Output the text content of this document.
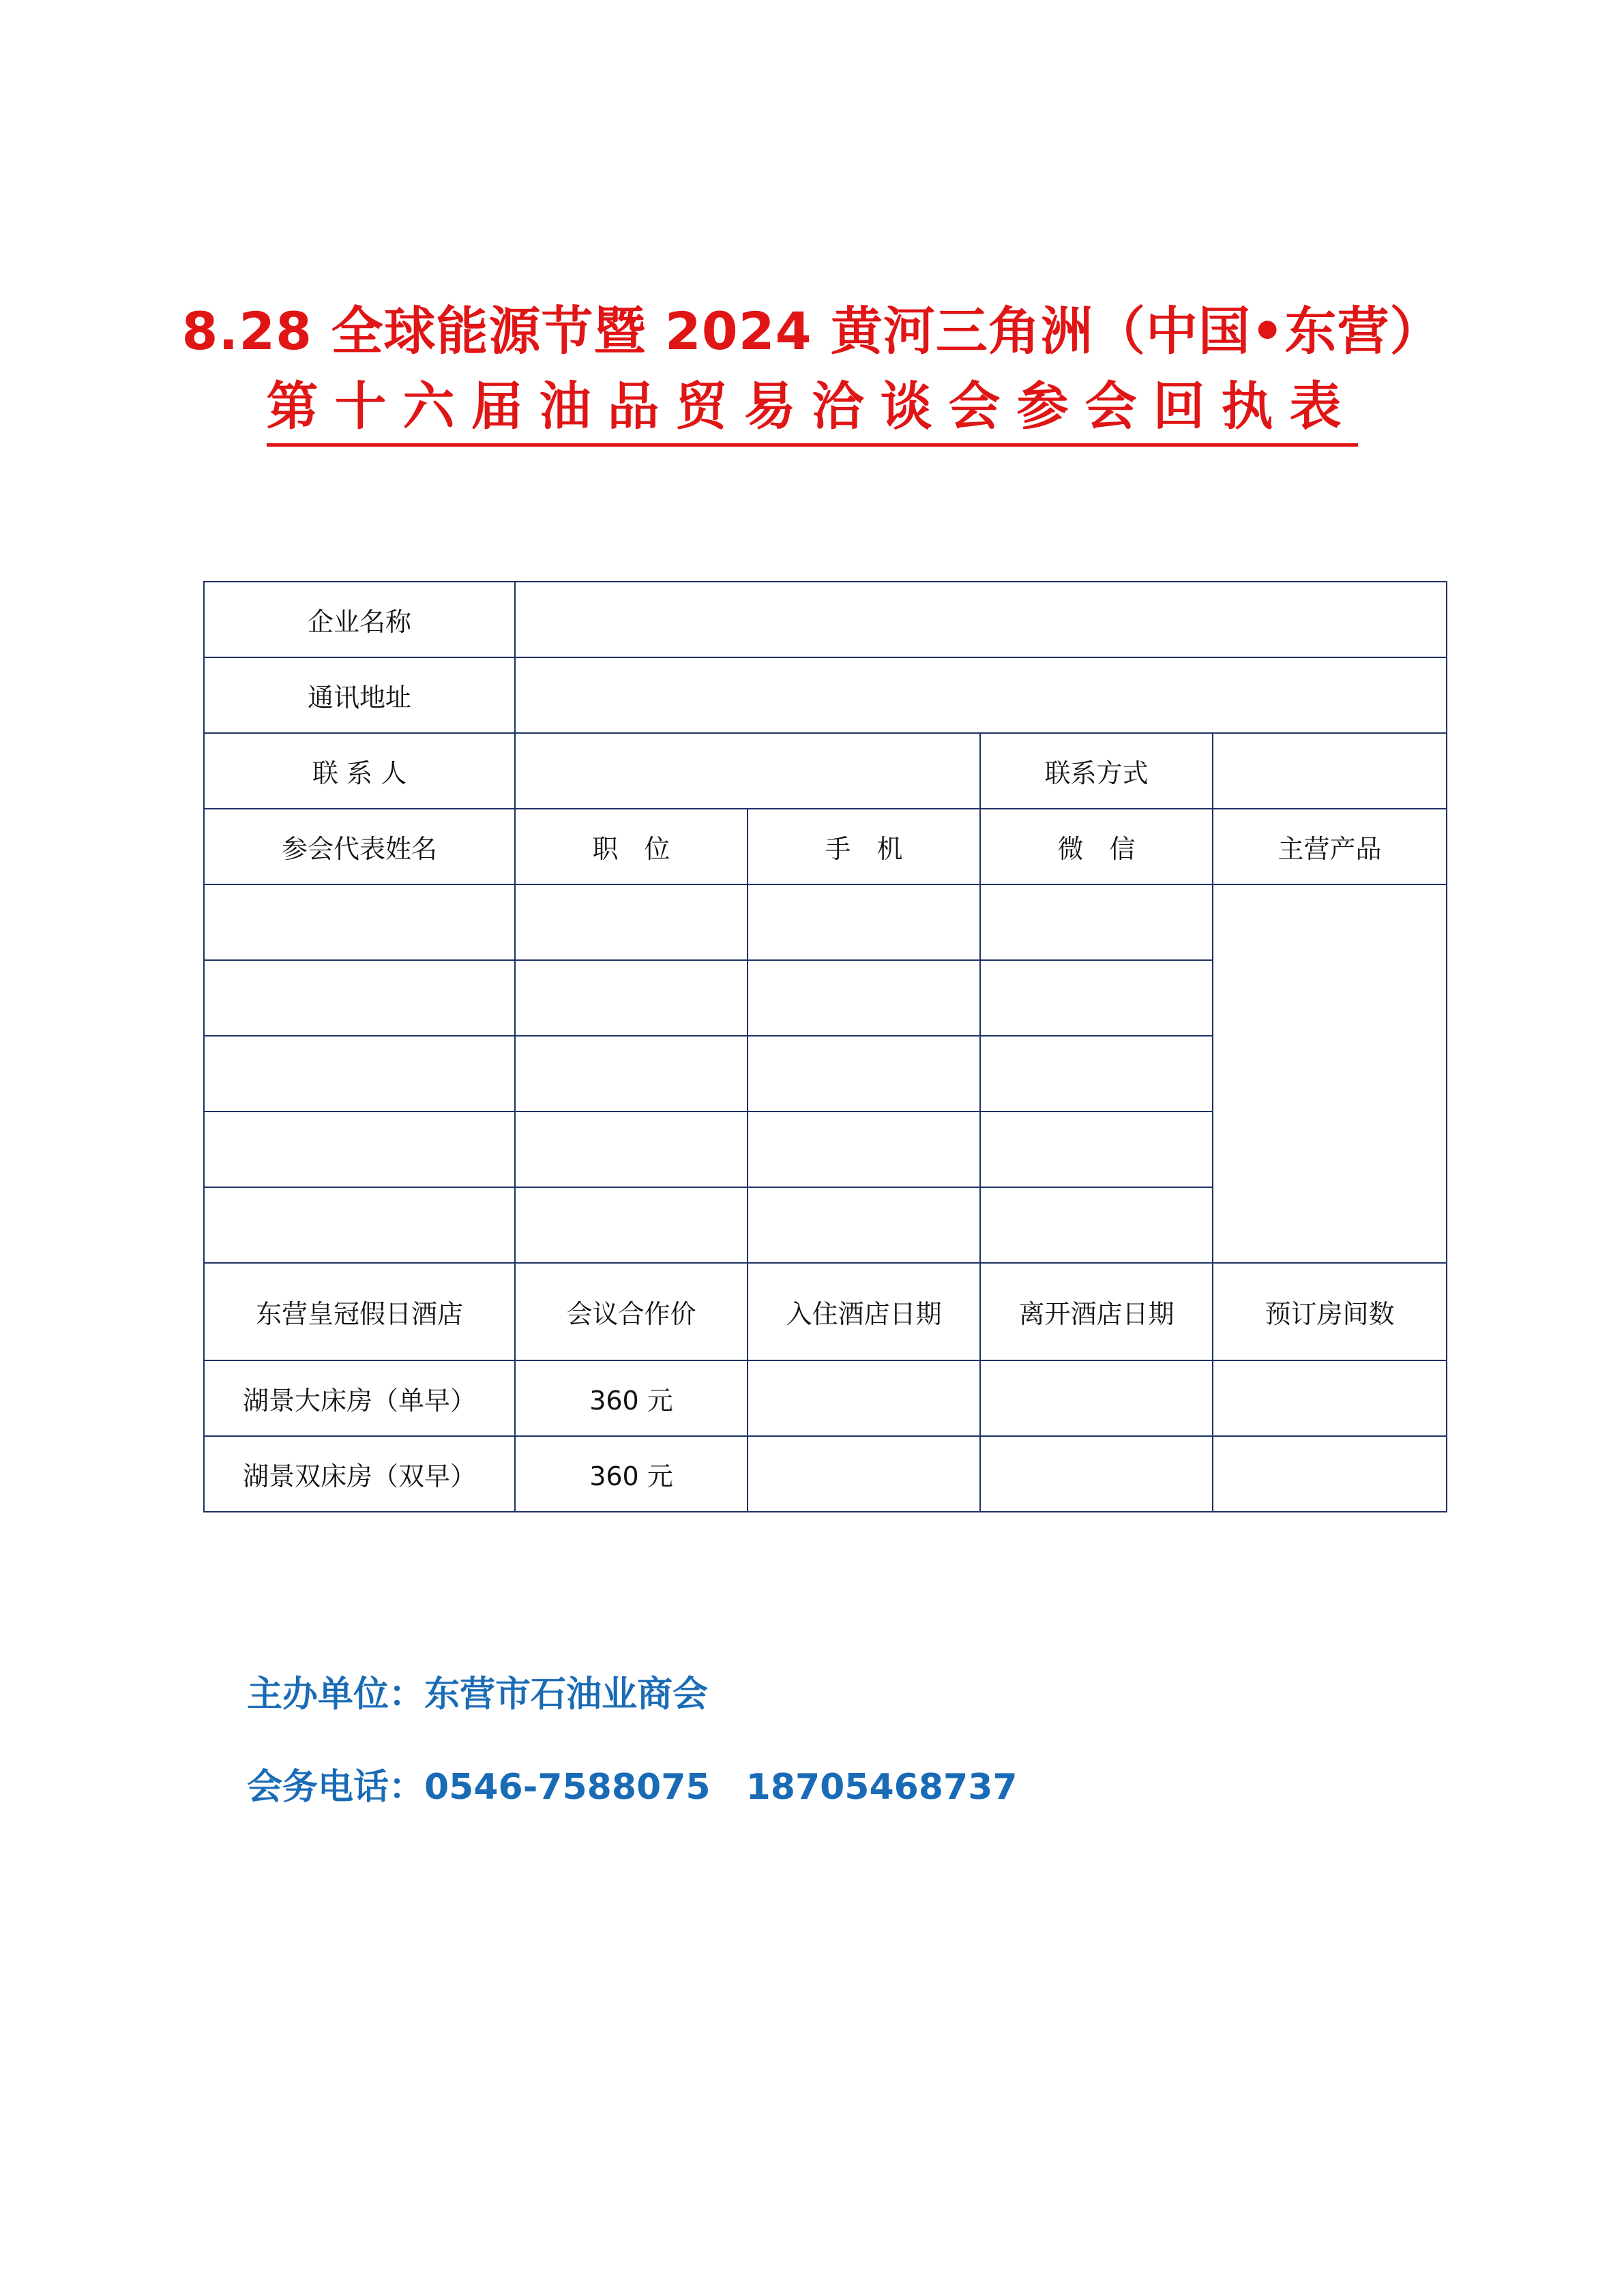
8.28 全球能源节暨 2024 黄河三角洲（中国•东营）
第十六届油品贸易洽谈会参会回执表
企业名称				
通讯地址				
联 系 人			联系方式	
参会代表姓名	职　位	手　机	微　信	主营产品

东营皇冠假日酒店	会议合作价	入住酒店日期	离开酒店日期	预订房间数
湖景大床房（单早）	360 元			
湖景双床房（双早）	360 元			
主办单位：东营市石油业商会
会务电话：0546-7588075　18705468737
